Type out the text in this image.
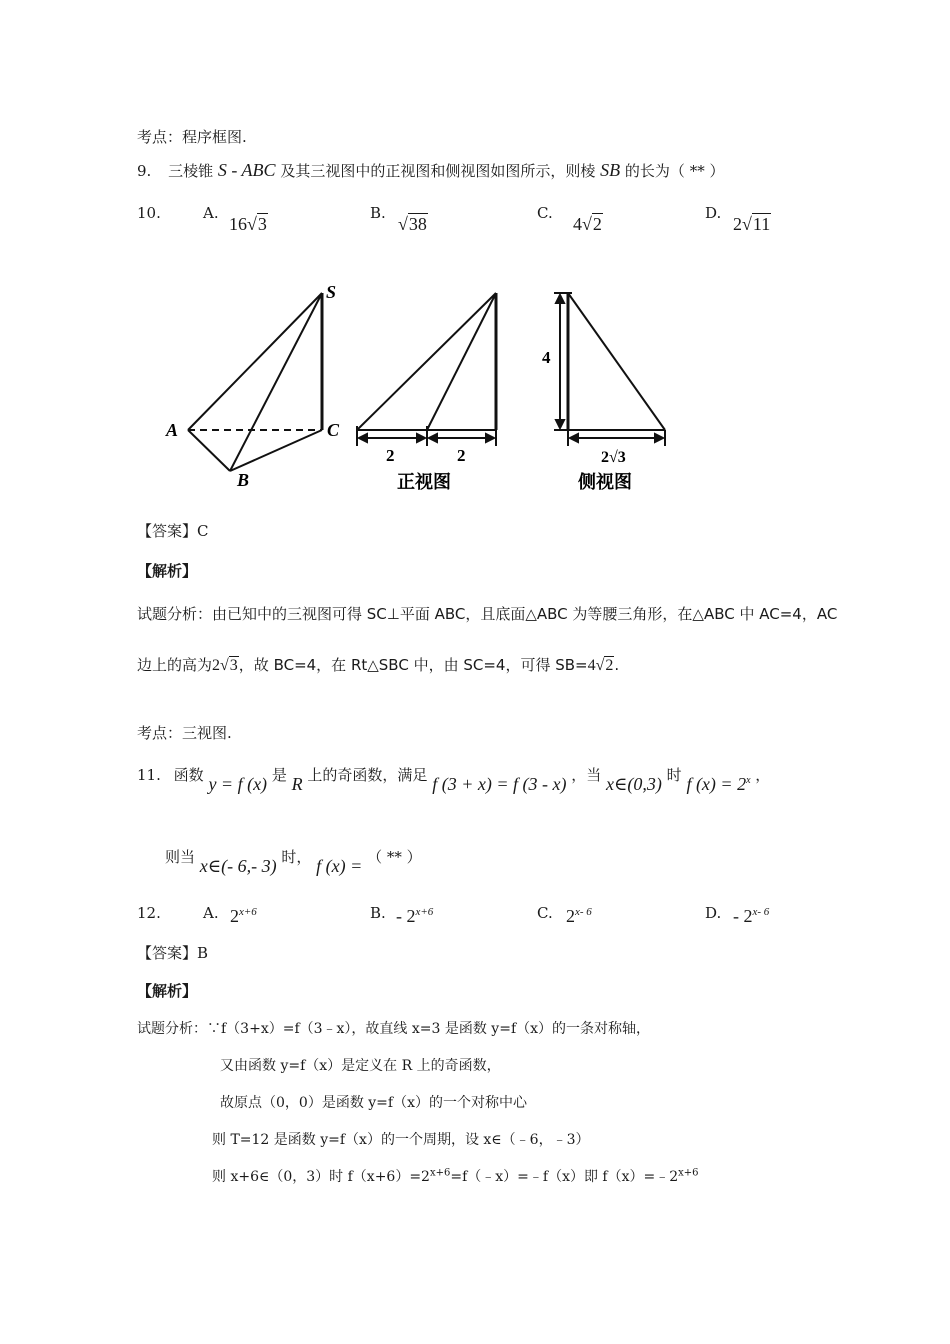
考点：程序框图.
9. 三棱锥 S - ABC 及其三视图中的正视图和侧视图如图所示，则棱 SB 的长为（ ** ）
10.	A.
16√3
B.
√38
C.
4√2
D.
2√11
S
A	C
B
2	2
正视图
4
2√3
侧视图
【答案】C
【解析】
试题分析：由已知中的三视图可得 SC⊥平面 ABC，且底面△ABC 为等腰三角形，在△ABC 中 AC=4，AC
边上的高为2√3，故 BC=4，在 Rt△SBC 中，由 SC=4，可得 SB=4√2.
考点：三视图.
11. 函数 y = f (x) 是 R 上的奇函数，满足 f (3 + x) = f (3 - x) ，当 x∈(0,3) 时 f $(x) = 2^x$ ，
则当 x∈(- 6,- 3) 时， f (x) = （ ** ）
12.	A. $2^{x+6}$	B. - $2^{x+6}$	C. 2$^{x- 6}$	D. - 2$^{x- 6}$
【答案】B
【解析】
试题分析：∵f（3+x）=f（3﹣x），故直线 x=3 是函数 y=f（x）的一条对称轴，
又由函数 y=f（x）是定义在 R 上的奇函数，
故原点（0，0）是函数 y=f（x）的一个对称中心
则 T=12 是函数 y=f（x）的一个周期，设 x∈（﹣6，﹣3）
则 x+6∈（0，3）时 $f(x+6)=2^{x+6}=f(﹣x)=﹣f(x)$即 $f(x)=﹣2^{x+6}$
